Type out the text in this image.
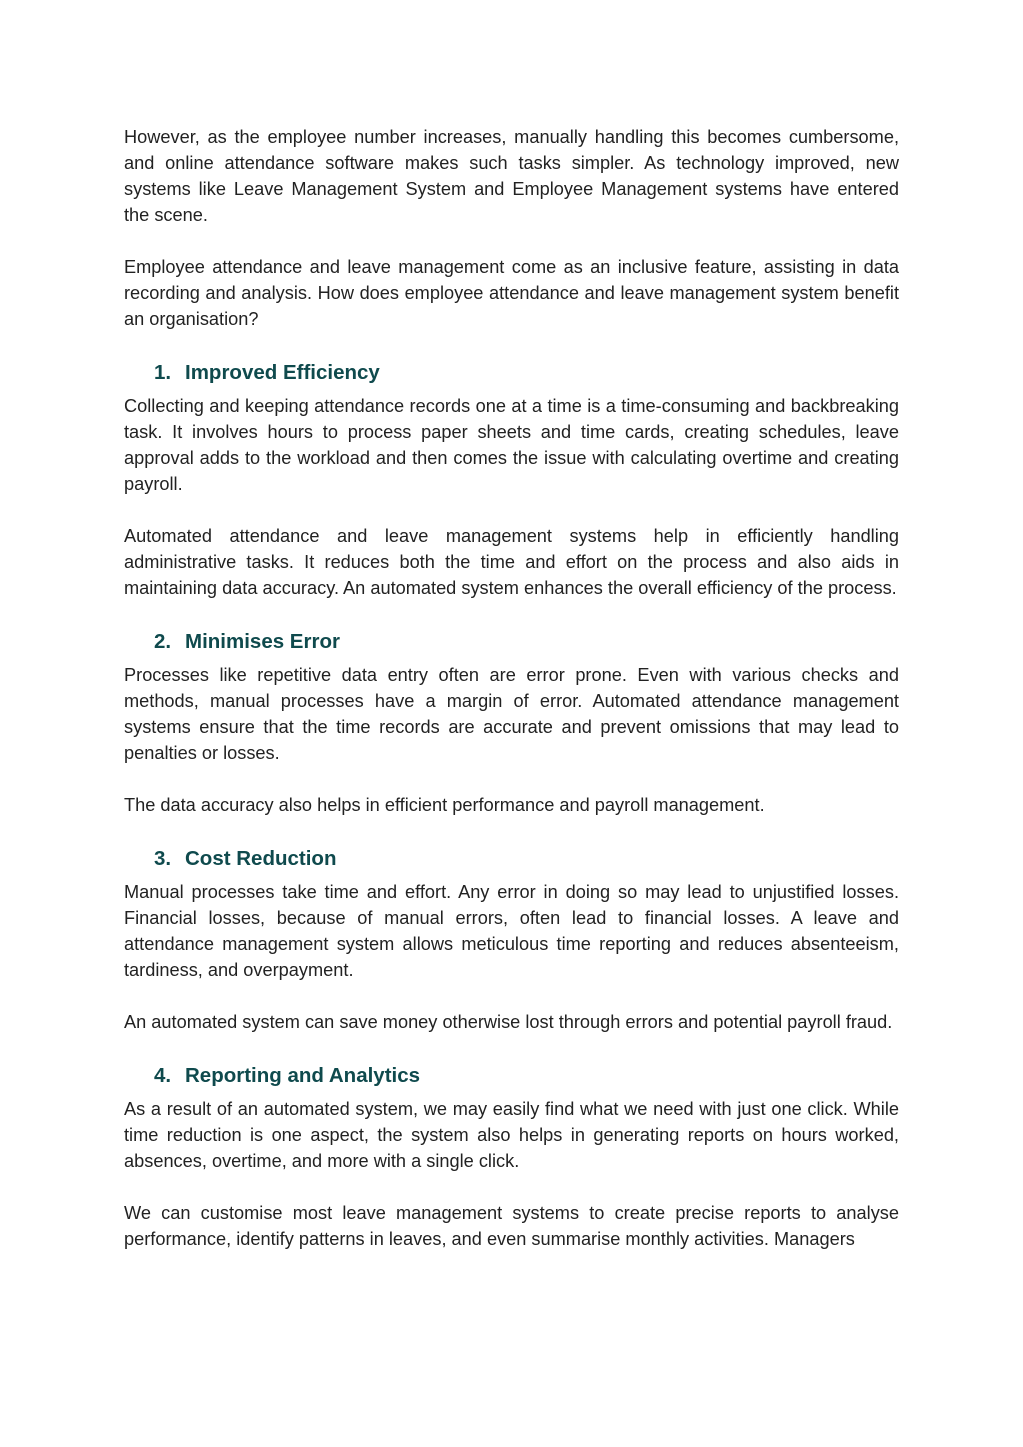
However, as the employee number increases, manually handling this becomes cumbersome, and online attendance software makes such tasks simpler. As technology improved, new systems like Leave Management System and Employee Management systems have entered the scene.

Employee attendance and leave management come as an inclusive feature, assisting in data recording and analysis. How does employee attendance and leave management system benefit an organisation?

1. Improved Efficiency

Collecting and keeping attendance records one at a time is a time-consuming and backbreaking task. It involves hours to process paper sheets and time cards, creating schedules, leave approval adds to the workload and then comes the issue with calculating overtime and creating payroll.

Automated attendance and leave management systems help in efficiently handling administrative tasks. It reduces both the time and effort on the process and also aids in maintaining data accuracy. An automated system enhances the overall efficiency of the process.

2. Minimises Error

Processes like repetitive data entry often are error prone. Even with various checks and methods, manual processes have a margin of error. Automated attendance management systems ensure that the time records are accurate and prevent omissions that may lead to penalties or losses.

The data accuracy also helps in efficient performance and payroll management.

3. Cost Reduction

Manual processes take time and effort. Any error in doing so may lead to unjustified losses. Financial losses, because of manual errors, often lead to financial losses. A leave and attendance management system allows meticulous time reporting and reduces absenteeism, tardiness, and overpayment.

An automated system can save money otherwise lost through errors and potential payroll fraud.

4. Reporting and Analytics

As a result of an automated system, we may easily find what we need with just one click. While time reduction is one aspect, the system also helps in generating reports on hours worked, absences, overtime, and more with a single click.

We can customise most leave management systems to create precise reports to analyse performance, identify patterns in leaves, and even summarise monthly activities. Managers
